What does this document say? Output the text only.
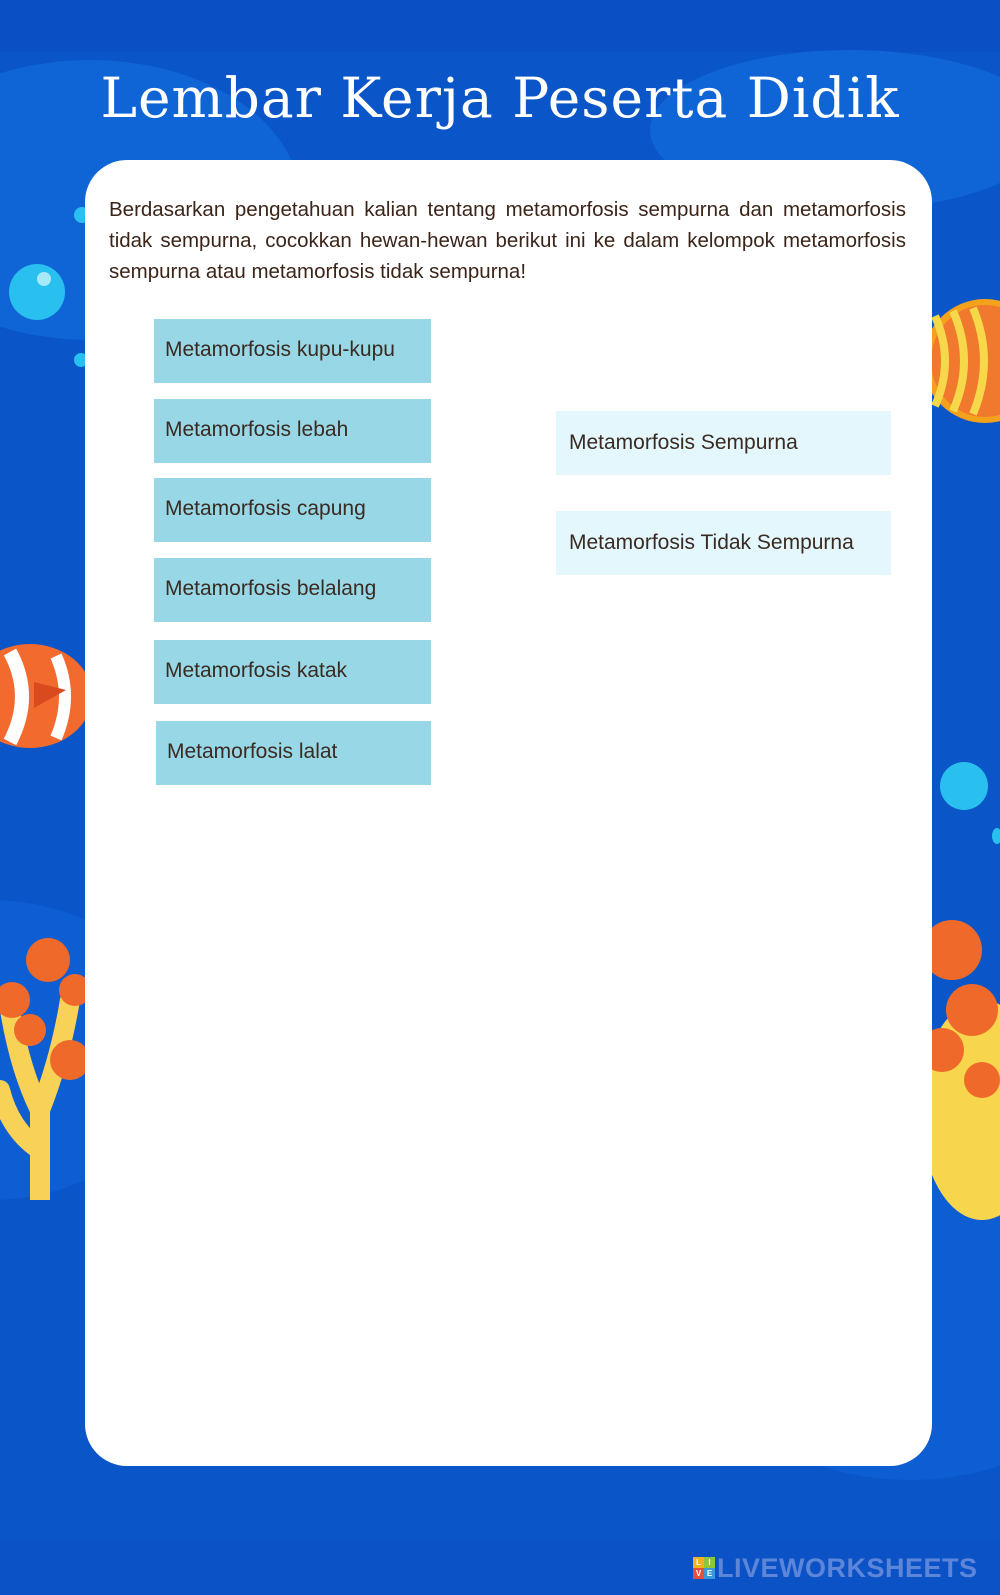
Lembar Kerja Peserta Didik

Berdasarkan pengetahuan kalian tentang metamorfosis sempurna dan metamorfosis tidak sempurna, cocokkan hewan-hewan berikut ini ke dalam kelompok metamorfosis sempurna atau metamorfosis tidak sempurna!

Metamorfosis kupu-kupu
Metamorfosis lebah
Metamorfosis capung
Metamorfosis belalang
Metamorfosis katak
Metamorfosis lalat
Metamorfosis Sempurna
Metamorfosis Tidak Sempurna
L I
V E LIVEWORKSHEETS
